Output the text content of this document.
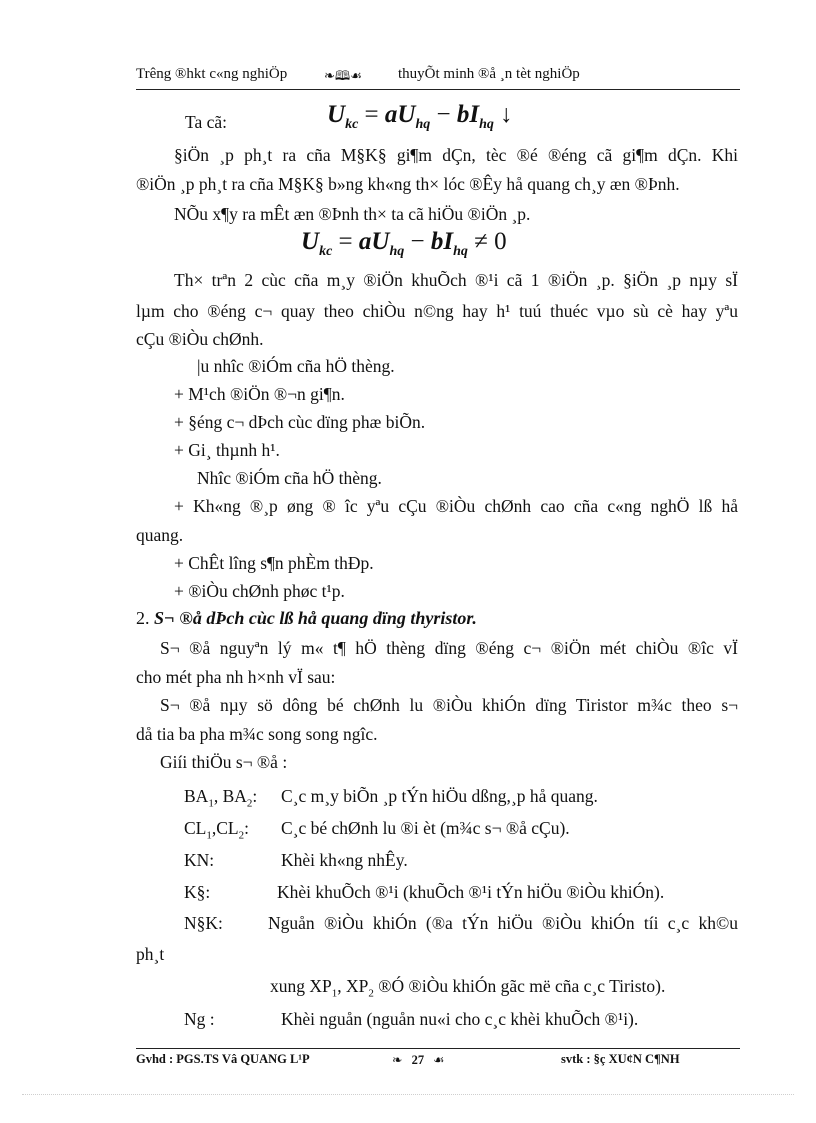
Trêng ®hkt c«ng nghiÖp	❧🕮☙ thuyÕt minh ®å ¸n tèt nghiÖp
Ta cã:	$U_{kc} = aU_{hq} - bI_{hq}$ ↓
§iÖn ¸p ph¸t ra cña M§K§ gi¶m dÇn, tèc ®é ®éng cã gi¶m dÇn. Khi
®iÖn ¸p ph¸t ra cña M§K§ b»ng kh«ng th× lóc ®Êy hå quang ch¸y æn ®Þnh.
NÕu x¶y ra mÊt æn ®Þnh th× ta cã hiÖu ®iÖn ¸p.
$U_{kc} = aU_{hq} - bI_{hq} \ne 0$
Th× trªn 2 cùc cña m¸y ®iÖn khuÕch ®¹i cã 1 ®iÖn ¸p. §iÖn ¸p nµy sÏ
lµm cho ®éng c¬ quay theo chiÒu n©ng hay h¹ tuú thuéc vµo sù cè hay yªu
cÇu ®iÒu chØnh.
|u nhîc ®iÓm cña hÖ thèng.
+ M¹ch ®iÖn ®¬n gi¶n.
+ §éng c¬ dÞch cùc dïng phæ biÕn.
+ Gi¸ thµnh h¹.
Nhîc ®iÓm cña hÖ thèng.
+ Kh«ng ®¸p øng ® îc yªu cÇu ®iÒu chØnh cao cña c«ng nghÖ lß hå
quang.
+ ChÊt lîng s¶n phÈm thÐp.
+ ®iÒu chØnh phøc t¹p.
2. S¬ ®å dÞch cùc lß hå quang dïng thyristor.
S¬ ®å nguyªn lý m« t¶ hÖ thèng dïng ®éng c¬ ®iÖn mét chiÒu ®îc vÏ
cho mét pha nh h×nh vÏ sau:
S¬ ®å nµy sö dông bé chØnh lu ®iÒu khiÓn dïng Tiristor m¾c theo s¬
då tia ba pha m¾c song song ngîc.
Giíi thiÖu s¬ ®å :
$BA_1$, $BA_2$: C¸c m¸y biÕn ¸p tÝn hiÖu dßng,¸p hå quang.
$CL_1,CL_2$: C¸c bé chØnh lu ®i èt (m¾c s¬ ®å cÇu).
KN:	Khèi kh«ng nhÊy.
K§:	Khèi khuÕch ®¹i (khuÕch ®¹i tÝn hiÖu ®iÒu khiÓn).
N§K:	Nguån ®iÒu khiÓn (®a tÝn hiÖu ®iÒu khiÓn tíi c¸c kh©u
ph¸t
xung $XP_1$, $XP_2$ ®Ó ®iÒu khiÓn gãc më cña c¸c Tiristo).
Ng :	Khèi nguån (nguån nu«i cho c¸c khèi khuÕch ®¹i).
Gvhd : PGS.TS Vâ QUANG L¹P	❧ 27 ☙	svtk : §ç XU¢N C¶NH
